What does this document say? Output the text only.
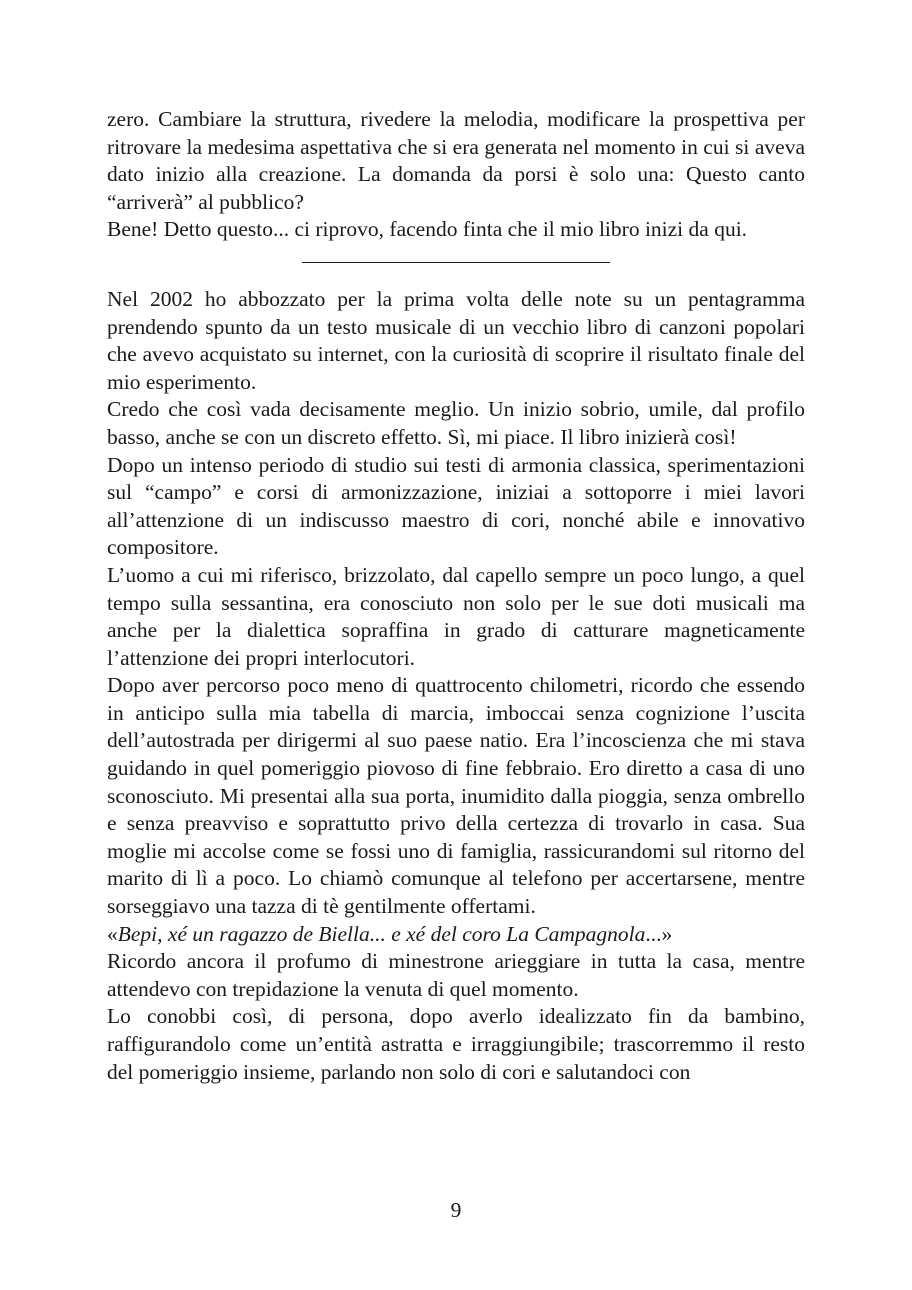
zero. Cambiare la struttura, rivedere la melodia, modificare la prospettiva per ritrovare la medesima aspettativa che si era generata nel momento in cui si aveva dato inizio alla creazione. La domanda da porsi è solo una: Questo canto “arriverà” al pubblico?

Bene! Detto questo... ci riprovo, facendo finta che il mio libro inizi da qui.

Nel 2002 ho abbozzato per la prima volta delle note su un pentagramma prendendo spunto da un testo musicale di un vecchio libro di canzoni popolari che avevo acquistato su internet, con la curiosità di scoprire il risultato finale del mio esperimento.

Credo che così vada decisamente meglio. Un inizio sobrio, umile, dal profilo basso, anche se con un discreto effetto. Sì, mi piace. Il libro inizierà così!

Dopo un intenso periodo di studio sui testi di armonia classica, sperimentazioni sul “campo” e corsi di armonizzazione, iniziai a sottoporre i miei lavori all’attenzione di un indiscusso maestro di cori, nonché abile e innovativo compositore.

L’uomo a cui mi riferisco, brizzolato, dal capello sempre un poco lungo, a quel tempo sulla sessantina, era conosciuto non solo per le sue doti musicali ma anche per la dialettica sopraffina in grado di catturare magneticamente l’attenzione dei propri interlocutori.

Dopo aver percorso poco meno di quattrocento chilometri, ricordo che essendo in anticipo sulla mia tabella di marcia, imboccai senza cognizione l’uscita dell’autostrada per dirigermi al suo paese natio. Era l’incoscienza che mi stava guidando in quel pomeriggio piovoso di fine febbraio. Ero diretto a casa di uno sconosciuto. Mi presentai alla sua porta, inumidito dalla pioggia, senza ombrello e senza preavviso e soprattutto privo della certezza di trovarlo in casa. Sua moglie mi accolse come se fossi uno di famiglia, rassicurandomi sul ritorno del marito di lì a poco. Lo chiamò comunque al telefono per accertarsene, mentre sorseggiavo una tazza di tè gentilmente offertami.

«Bepi, xé un ragazzo de Biella... e xé del coro La Campagnola...»

Ricordo ancora il profumo di minestrone arieggiare in tutta la casa, mentre attendevo con trepidazione la venuta di quel momento.

Lo conobbi così, di persona, dopo averlo idealizzato fin da bambino, raffigurandolo come un’entità astratta e irraggiungibile; trascorremmo il resto del pomeriggio insieme, parlando non solo di cori e salutandoci con

9
